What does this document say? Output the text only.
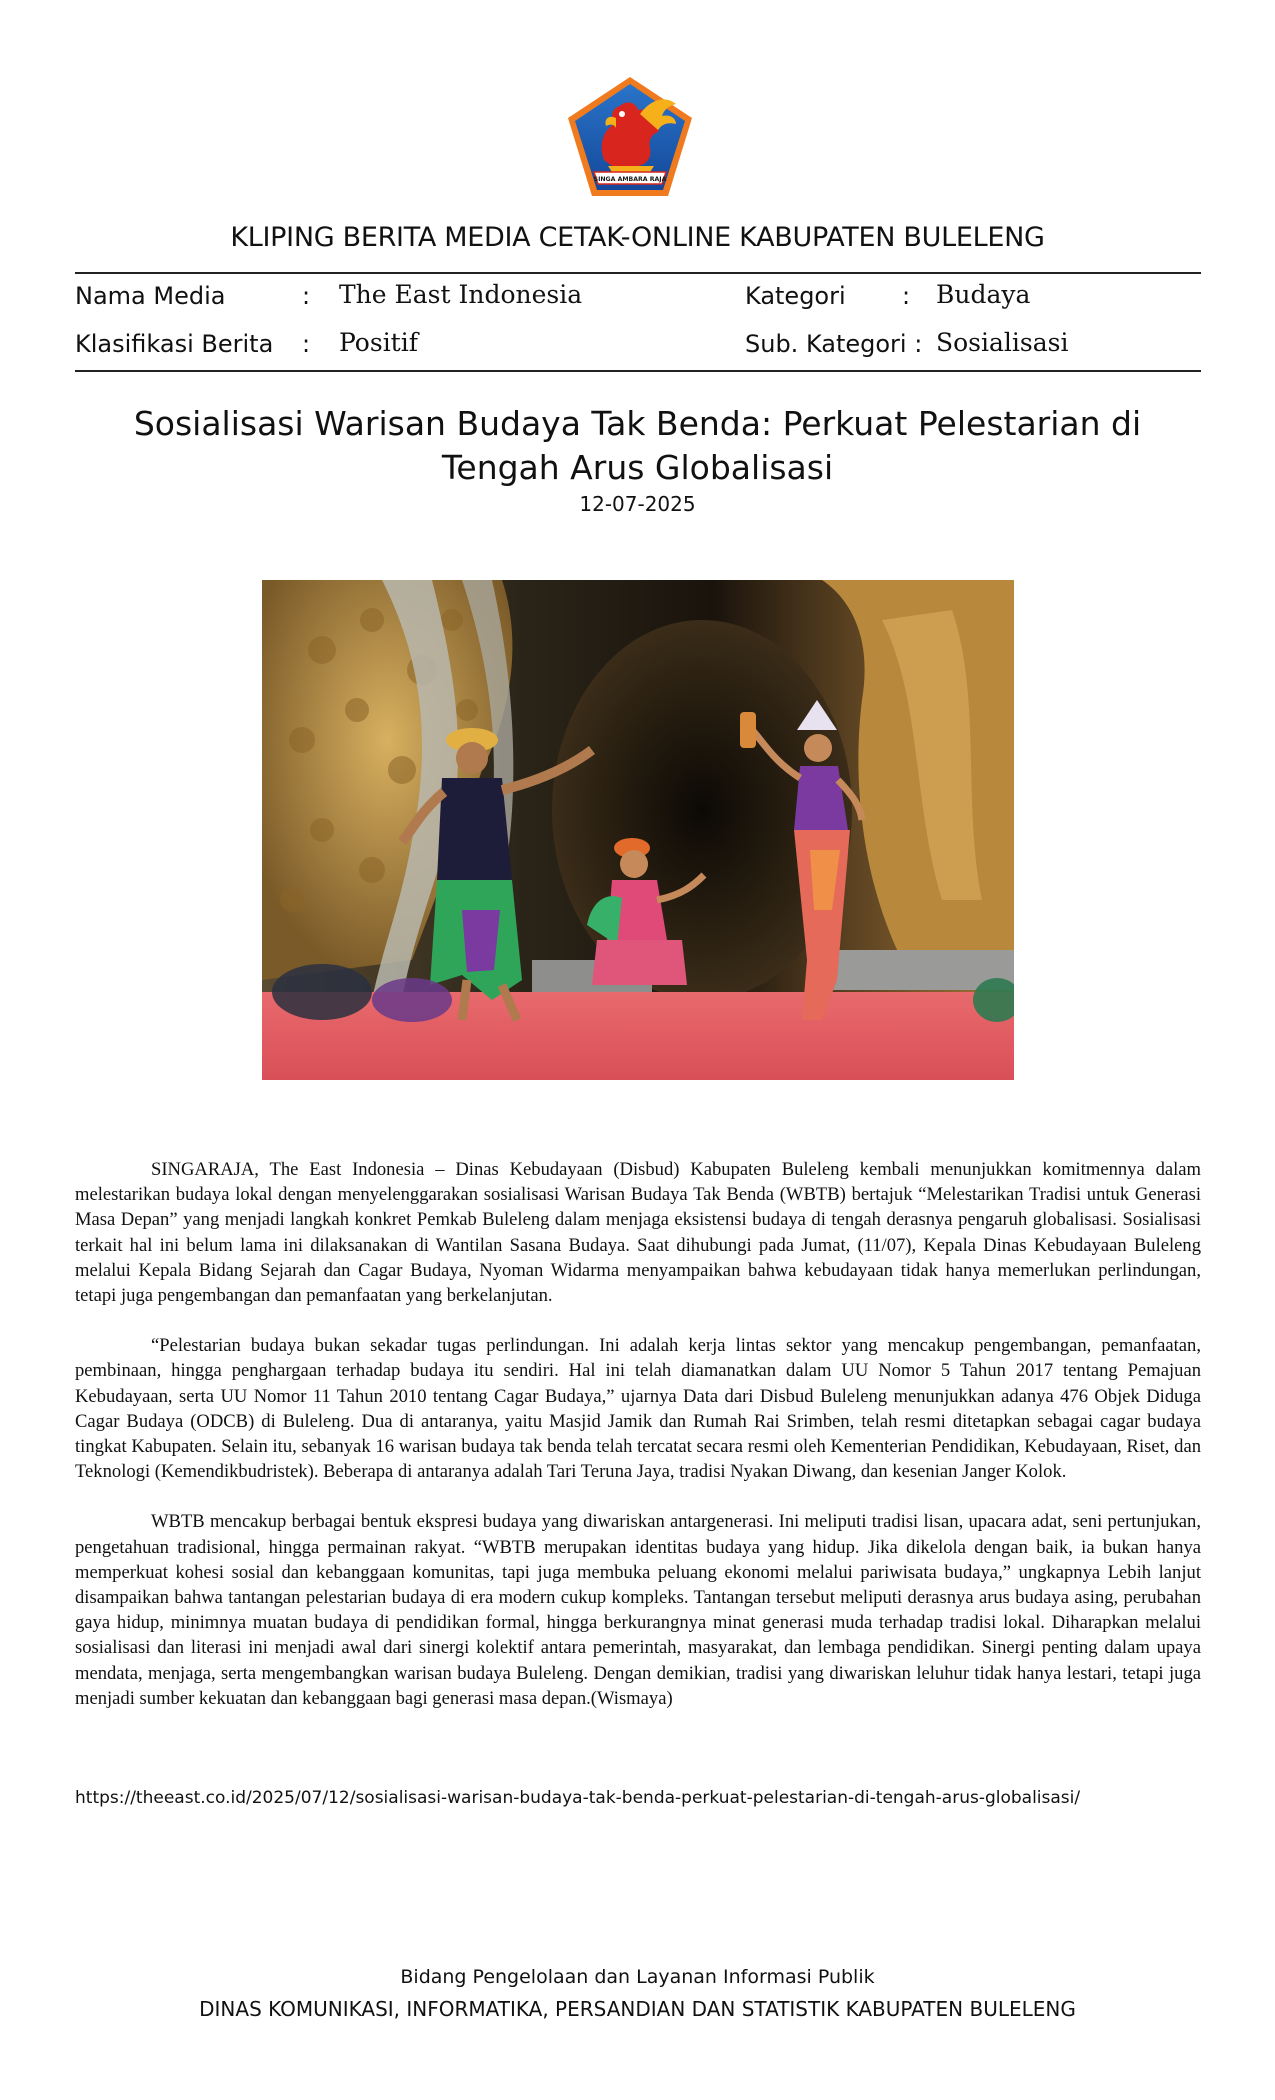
SINGA AMBARA RAJA
KLIPING BERITA MEDIA CETAK-ONLINE KABUPATEN BULELENG
Nama Media	: The East Indonesia	Kategori : Budaya
Klasifikasi Berita : Positif	Sub. Kategori : Sosialisasi
Sosialisasi Warisan Budaya Tak Benda: Perkuat Pelestarian di Tengah Arus Globalisasi
12-07-2025

SINGARAJA, The East Indonesia – Dinas Kebudayaan (Disbud) Kabupaten Buleleng kembali menunjukkan komitmennya dalam melestarikan budaya lokal dengan menyelenggarakan sosialisasi Warisan Budaya Tak Benda (WBTB) bertajuk “Melestarikan Tradisi untuk Generasi Masa Depan” yang menjadi langkah konkret Pemkab Buleleng dalam menjaga eksistensi budaya di tengah derasnya pengaruh globalisasi. Sosialisasi terkait hal ini belum lama ini dilaksanakan di Wantilan Sasana Budaya. Saat dihubungi pada Jumat, (11/07), Kepala Dinas Kebudayaan Buleleng melalui Kepala Bidang Sejarah dan Cagar Budaya, Nyoman Widarma menyampaikan bahwa kebudayaan tidak hanya memerlukan perlindungan, tetapi juga pengembangan dan pemanfaatan yang berkelanjutan.

“Pelestarian budaya bukan sekadar tugas perlindungan. Ini adalah kerja lintas sektor yang mencakup pengembangan, pemanfaatan, pembinaan, hingga penghargaan terhadap budaya itu sendiri. Hal ini telah diamanatkan dalam UU Nomor 5 Tahun 2017 tentang Pemajuan Kebudayaan, serta UU Nomor 11 Tahun 2010 tentang Cagar Budaya,” ujarnya Data dari Disbud Buleleng menunjukkan adanya 476 Objek Diduga Cagar Budaya (ODCB) di Buleleng. Dua di antaranya, yaitu Masjid Jamik dan Rumah Rai Srimben, telah resmi ditetapkan sebagai cagar budaya tingkat Kabupaten. Selain itu, sebanyak 16 warisan budaya tak benda telah tercatat secara resmi oleh Kementerian Pendidikan, Kebudayaan, Riset, dan Teknologi (Kemendikbudristek). Beberapa di antaranya adalah Tari Teruna Jaya, tradisi Nyakan Diwang, dan kesenian Janger Kolok.

WBTB mencakup berbagai bentuk ekspresi budaya yang diwariskan antargenerasi. Ini meliputi tradisi lisan, upacara adat, seni pertunjukan, pengetahuan tradisional, hingga permainan rakyat. “WBTB merupakan identitas budaya yang hidup. Jika dikelola dengan baik, ia bukan hanya memperkuat kohesi sosial dan kebanggaan komunitas, tapi juga membuka peluang ekonomi melalui pariwisata budaya,” ungkapnya Lebih lanjut disampaikan bahwa tantangan pelestarian budaya di era modern cukup kompleks. Tantangan tersebut meliputi derasnya arus budaya asing, perubahan gaya hidup, minimnya muatan budaya di pendidikan formal, hingga berkurangnya minat generasi muda terhadap tradisi lokal. Diharapkan melalui sosialisasi dan literasi ini menjadi awal dari sinergi kolektif antara pemerintah, masyarakat, dan lembaga pendidikan. Sinergi penting dalam upaya mendata, menjaga, serta mengembangkan warisan budaya Buleleng. Dengan demikian, tradisi yang diwariskan leluhur tidak hanya lestari, tetapi juga menjadi sumber kekuatan dan kebanggaan bagi generasi masa depan.(Wismaya)

https://theeast.co.id/2025/07/12/sosialisasi-warisan-budaya-tak-benda-perkuat-pelestarian-di-tengah-arus-globalisasi/
Bidang Pengelolaan dan Layanan Informasi Publik
DINAS KOMUNIKASI, INFORMATIKA, PERSANDIAN DAN STATISTIK KABUPATEN BULELENG
